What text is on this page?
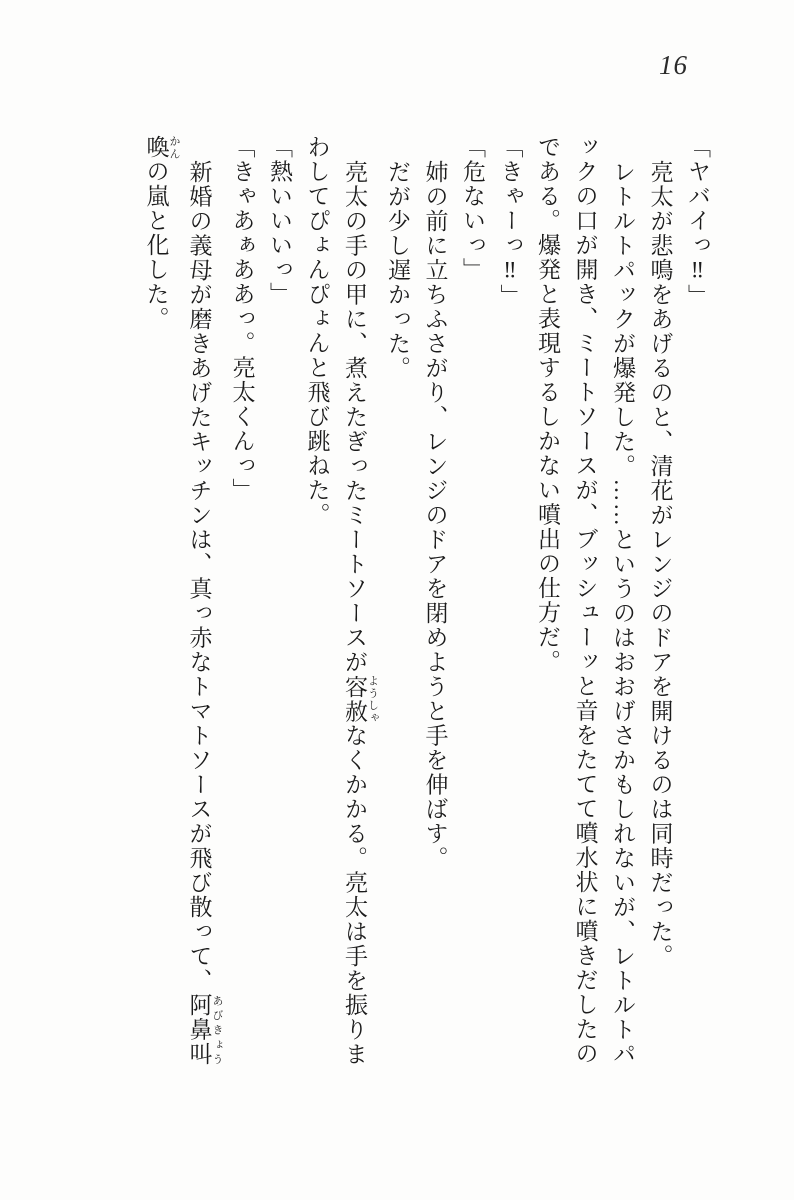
16
「ヤバイっ‼」
亮太が悲鳴をあげるのと、清花がレンジのドアを開けるのは同時だった。
レトルトパックが爆発した。……というのはおおげさかもしれないが、レトルトパ
ックの口が開き、ミートソースが、ブッシューッと音をたてて噴水状に噴きだしたの
である。爆発と表現するしかない噴出の仕方だ。
「きゃーっ‼」
「危ないっ」
姉の前に立ちふさがり、レンジのドアを閉めようと手を伸ばす。
だが少し遅かった。
亮太の手の甲に、煮えたぎったミートソースが容赦 ようしゃなくかかる。亮太は手を振りま
わしてぴょんぴょんと飛び跳ねた。
「熱いいいっ」
「きゃあぁああっ。亮太くんっ」
新婚の義母が磨きあげたキッチンは、真っ赤なトマトソースが飛び散って、阿鼻叫 あびきょう
喚 かんの嵐と化した。
